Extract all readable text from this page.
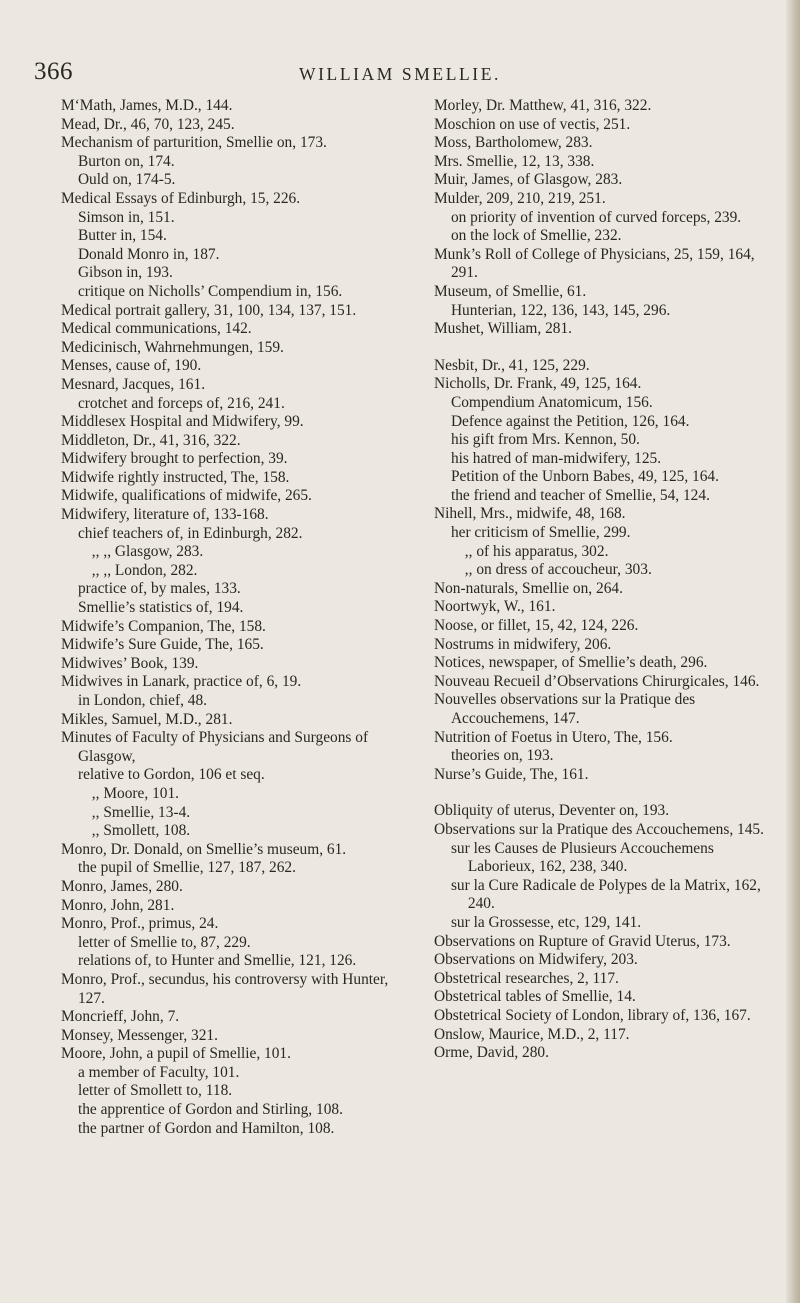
366	WILLIAM SMELLIE.
M‘Math, James, M.D., 144.
Mead, Dr., 46, 70, 123, 245.
Mechanism of parturition, Smellie on, 173.
Burton on, 174.
Ould on, 174-5.
Medical Essays of Edinburgh, 15, 226.
Simson in, 151.
Butter in, 154.
Donald Monro in, 187.
Gibson in, 193.
critique on Nicholls’ Compendium in, 156.
Medical portrait gallery, 31, 100, 134, 137, 151.
Medical communications, 142.
Medicinisch, Wahrnehmungen, 159.
Menses, cause of, 190.
Mesnard, Jacques, 161.
crotchet and forceps of, 216, 241.
Middlesex Hospital and Midwifery, 99.
Middleton, Dr., 41, 316, 322.
Midwifery brought to perfection, 39.
Midwife rightly instructed, The, 158.
Midwife, qualifications of midwife, 265.
Midwifery, literature of, 133-168.
chief teachers of, in Edinburgh, 282.
,, ,, Glasgow, 283.
,, ,, London, 282.
practice of, by males, 133.
Smellie’s statistics of, 194.
Midwife’s Companion, The, 158.
Midwife’s Sure Guide, The, 165.
Midwives’ Book, 139.
Midwives in Lanark, practice of, 6, 19.
in London, chief, 48.
Mikles, Samuel, M.D., 281.
Minutes of Faculty of Physicians and Surgeons of Glasgow,
relative to Gordon, 106 et seq.
,, Moore, 101.
,, Smellie, 13-4.
,, Smollett, 108.
Monro, Dr. Donald, on Smellie’s museum, 61.
the pupil of Smellie, 127, 187, 262.
Monro, James, 280.
Monro, John, 281.
Monro, Prof., primus, 24.
letter of Smellie to, 87, 229.
relations of, to Hunter and Smellie, 121, 126.
Monro, Prof., secundus, his controversy with Hunter, 127.
Moncrieff, John, 7.
Monsey, Messenger, 321.
Moore, John, a pupil of Smellie, 101.
a member of Faculty, 101.
letter of Smollett to, 118.
the apprentice of Gordon and Stirling, 108.
the partner of Gordon and Hamilton, 108.
Morley, Dr. Matthew, 41, 316, 322.
Moschion on use of vectis, 251.
Moss, Bartholomew, 283.
Mrs. Smellie, 12, 13, 338.
Muir, James, of Glasgow, 283.
Mulder, 209, 210, 219, 251.
on priority of invention of curved forceps, 239.
on the lock of Smellie, 232.
Munk’s Roll of College of Physicians, 25, 159, 164, 291.
Museum, of Smellie, 61.
Hunterian, 122, 136, 143, 145, 296.
Mushet, William, 281.
Nesbit, Dr., 41, 125, 229.
Nicholls, Dr. Frank, 49, 125, 164.
Compendium Anatomicum, 156.
Defence against the Petition, 126, 164.
his gift from Mrs. Kennon, 50.
his hatred of man-midwifery, 125.
Petition of the Unborn Babes, 49, 125, 164.
the friend and teacher of Smellie, 54, 124.
Nihell, Mrs., midwife, 48, 168.
her criticism of Smellie, 299.
,, of his apparatus, 302.
,, on dress of accoucheur, 303.
Non-naturals, Smellie on, 264.
Noortwyk, W., 161.
Noose, or fillet, 15, 42, 124, 226.
Nostrums in midwifery, 206.
Notices, newspaper, of Smellie’s death, 296.
Nouveau Recueil d’Observations Chirurgicales, 146.
Nouvelles observations sur la Pratique des Accouchemens, 147.
Nutrition of Foetus in Utero, The, 156.
theories on, 193.
Nurse’s Guide, The, 161.
Obliquity of uterus, Deventer on, 193.
Observations sur la Pratique des Accouchemens, 145.
sur les Causes de Plusieurs Accouchemens Laborieux, 162, 238, 340.
sur la Cure Radicale de Polypes de la Matrix, 162, 240.
sur la Grossesse, etc, 129, 141.
Observations on Rupture of Gravid Uterus, 173.
Observations on Midwifery, 203.
Obstetrical researches, 2, 117.
Obstetrical tables of Smellie, 14.
Obstetrical Society of London, library of, 136, 167.
Onslow, Maurice, M.D., 2, 117.
Orme, David, 280.
